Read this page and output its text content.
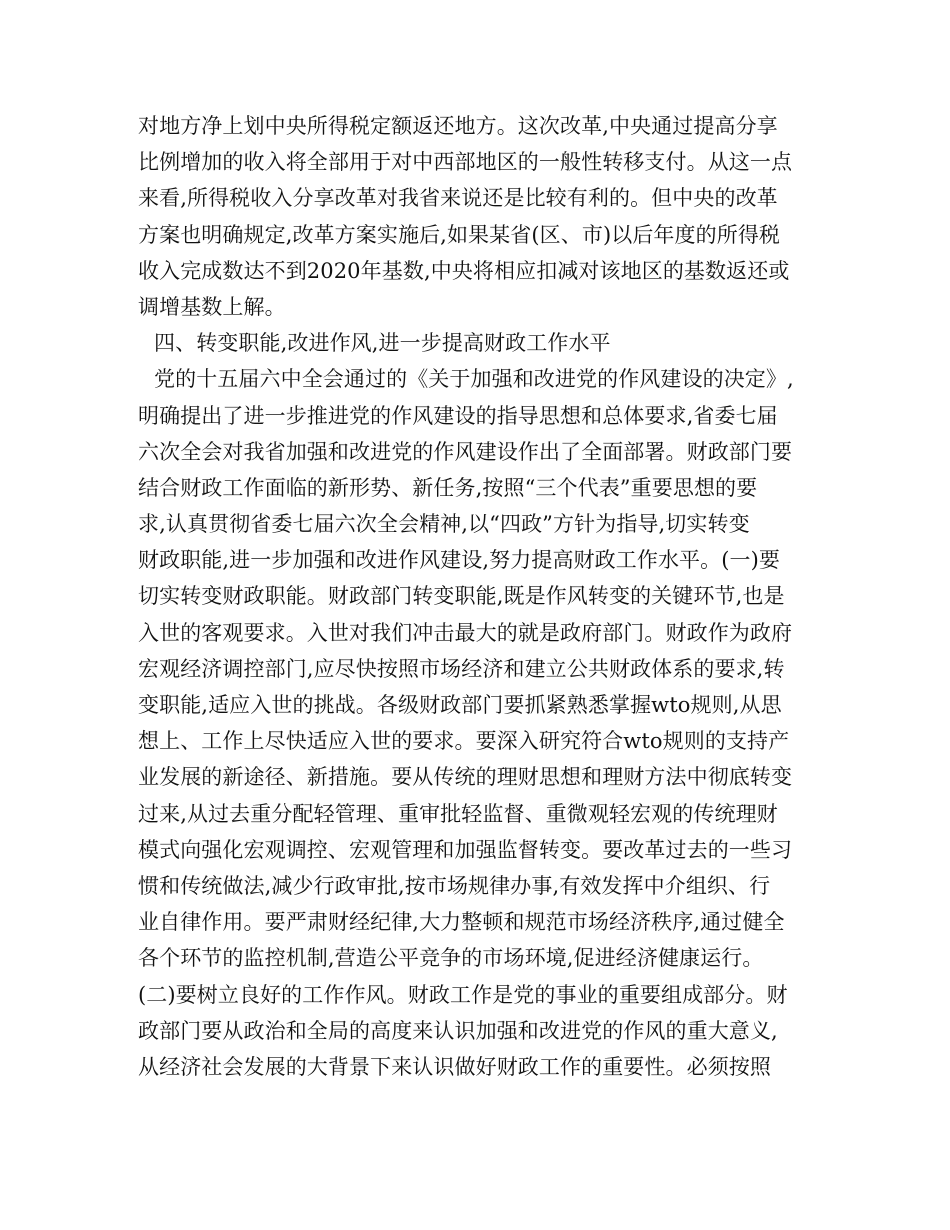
对地方净上划中央所得税定额返还地方。这次改革,中央通过提高分享
比例增加的收入将全部用于对中西部地区的一般性转移支付。从这一点
来看,所得税收入分享改革对我省来说还是比较有利的。但中央的改革
方案也明确规定,改革方案实施后,如果某省(区、市)以后年度的所得税
收入完成数达不到2020年基数,中央将相应扣减对该地区的基数返还或
调增基数上解。
四、转变职能,改进作风,进一步提高财政工作水平
党的十五届六中全会通过的《关于加强和改进党的作风建设的决定》,
明确提出了进一步推进党的作风建设的指导思想和总体要求,省委七届
六次全会对我省加强和改进党的作风建设作出了全面部署。财政部门要
结合财政工作面临的新形势、新任务,按照“三个代表”重要思想的要
求,认真贯彻省委七届六次全会精神,以“四政”方针为指导,切实转变
财政职能,进一步加强和改进作风建设,努力提高财政工作水平。(一)要
切实转变财政职能。财政部门转变职能,既是作风转变的关键环节,也是
入世的客观要求。入世对我们冲击最大的就是政府部门。财政作为政府
宏观经济调控部门,应尽快按照市场经济和建立公共财政体系的要求,转
变职能,适应入世的挑战。各级财政部门要抓紧熟悉掌握wto规则,从思
想上、工作上尽快适应入世的要求。要深入研究符合wto规则的支持产
业发展的新途径、新措施。要从传统的理财思想和理财方法中彻底转变
过来,从过去重分配轻管理、重审批轻监督、重微观轻宏观的传统理财
模式向强化宏观调控、宏观管理和加强监督转变。要改革过去的一些习
惯和传统做法,减少行政审批,按市场规律办事,有效发挥中介组织、行
业自律作用。要严肃财经纪律,大力整顿和规范市场经济秩序,通过健全
各个环节的监控机制,营造公平竞争的市场环境,促进经济健康运行。
(二)要树立良好的工作作风。财政工作是党的事业的重要组成部分。财
政部门要从政治和全局的高度来认识加强和改进党的作风的重大意义,
从经济社会发展的大背景下来认识做好财政工作的重要性。必须按照
